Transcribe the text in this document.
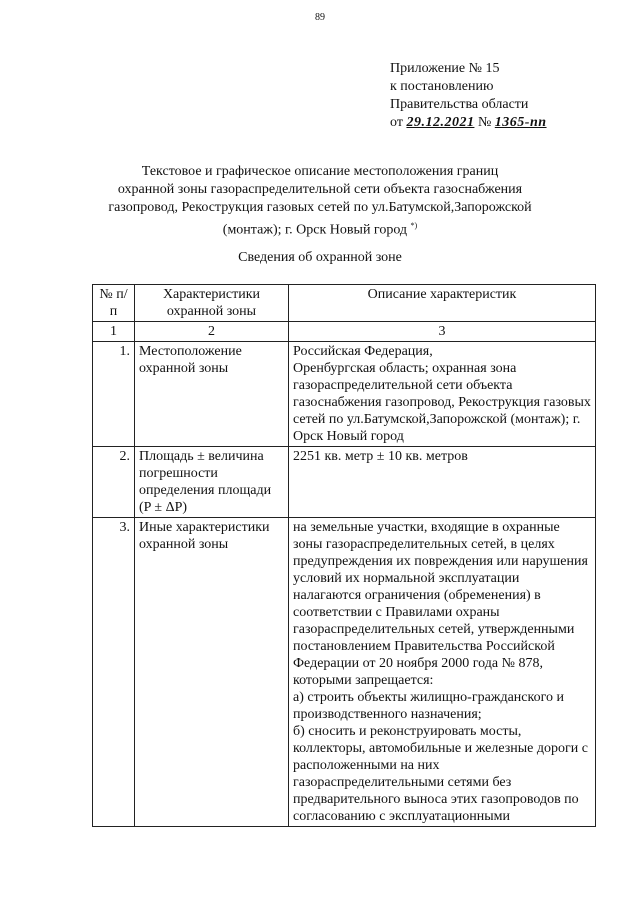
89
Приложение № 15
к постановлению
Правительства области
от 29.12.2021 № 1365-пп
Текстовое и графическое описание местоположения границ
охранной зоны газораспределительной сети объекта газоснабжения
газопровод, Рекострукция газовых сетей по ул.Батумской,Запорожской
(монтаж); г. Орск Новый город *)
Сведения об охранной зоне
№ п/п	Характеристики охранной зоны	Описание характеристик
1	2	3
1.	Местоположение охранной зоны	Российская Федерация,
Оренбургская область; охранная зона газораспределительной сети объекта газоснабжения газопровод, Рекострукция газовых сетей по ул.Батумской,Запорожской (монтаж); г. Орск Новый город

2.	Площадь ± величина погрешности определения площади (P ± ΔP)	2251 кв. метр ± 10 кв. метров

3.	Иные характеристики охранной зоны	на земельные участки, входящие в охранные зоны газораспределительных сетей, в целях предупреждения их повреждения или нарушения условий их нормальной эксплуатации налагаются ограничения (обременения) в соответствии с Правилами охраны газораспределительных сетей, утвержденными постановлением Правительства Российской Федерации от 20 ноября 2000 года № 878, которыми запрещается:
а) строить объекты жилищно-гражданского и производственного назначения;
б) сносить и реконструировать мосты, коллекторы, автомобильные и железные дороги с расположенными на них газораспределительными сетями без предварительного выноса этих газопроводов по согласованию с эксплуатационными
